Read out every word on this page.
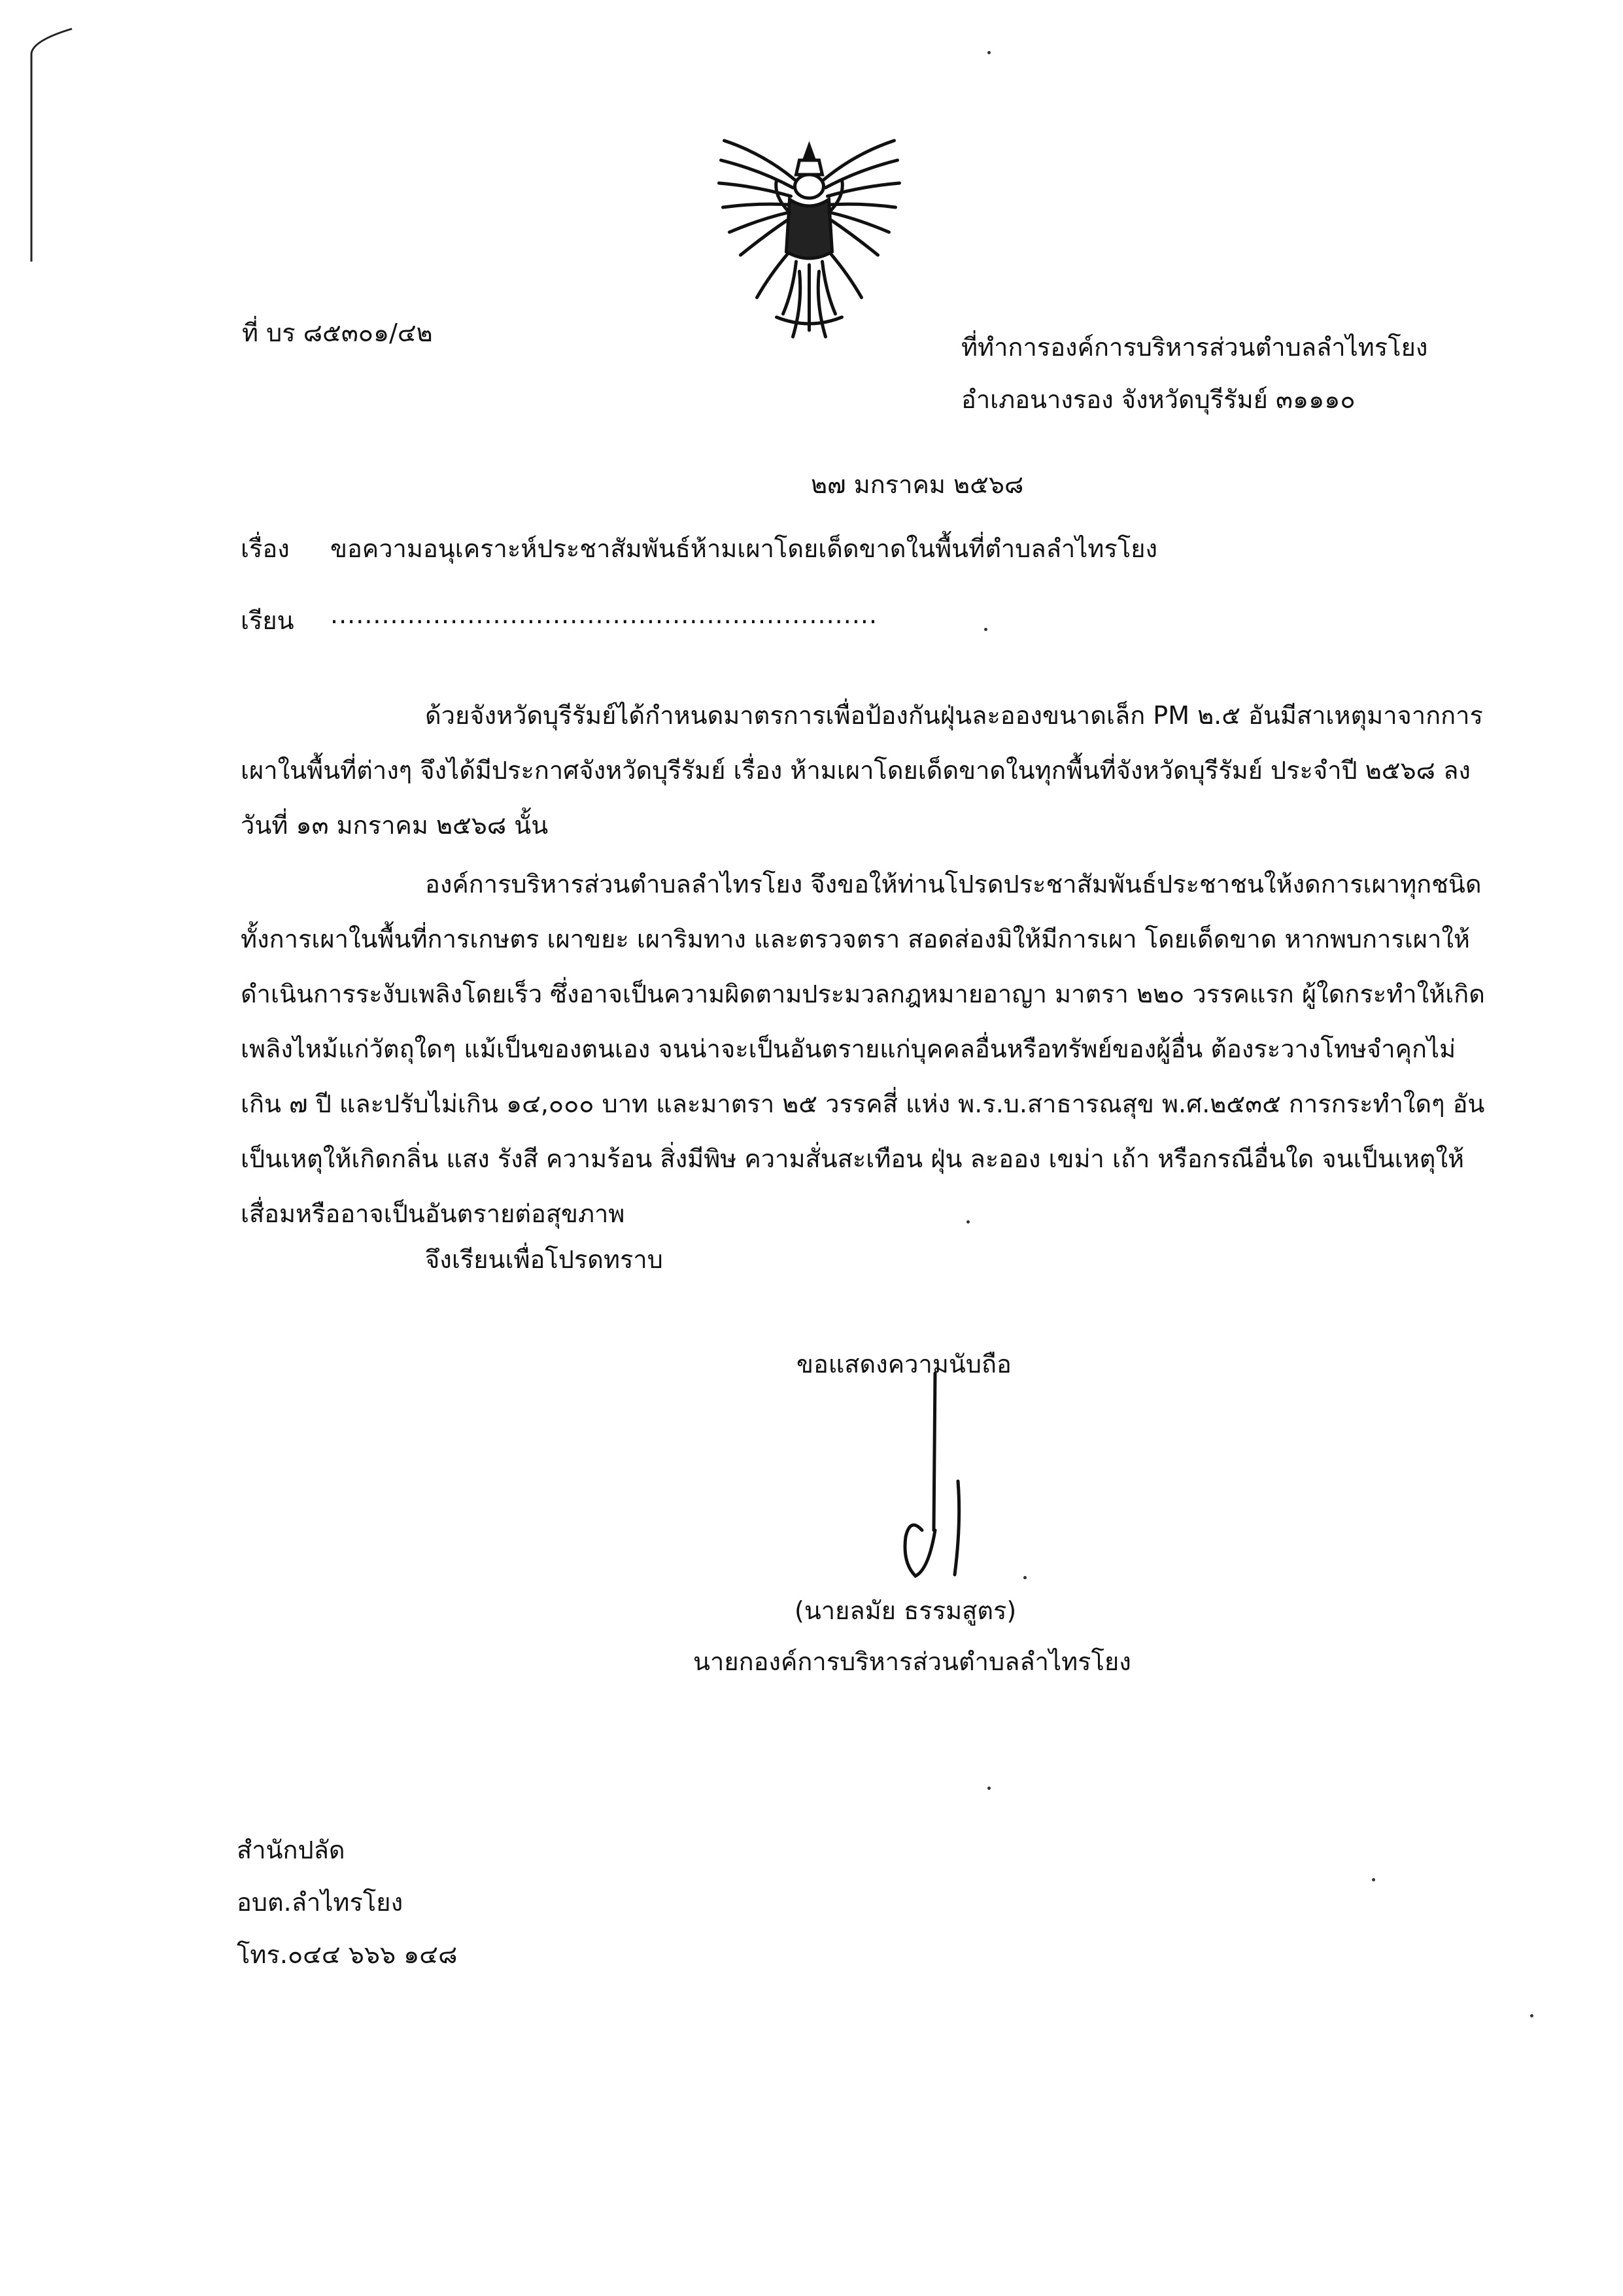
ที่ บร ๘๕๓๐๑/๔๒	ที่ทำการองค์การบริหารส่วนตำบลลำไทรโยง
อำเภอนางรอง จังหวัดบุรีรัมย์ ๓๑๑๑๐
๒๗ มกราคม ๒๕๖๘
เรื่อง ขอความอนุเคราะห์ประชาสัมพันธ์ห้ามเผาโดยเด็ดขาดในพื้นที่ตำบลลำไทรโยง
เรียน ................................................................

ด้วยจังหวัดบุรีรัมย์ได้กำหนดมาตรการเพื่อป้องกันฝุ่นละอองขนาดเล็ก PM ๒.๕ อันมีสาเหตุมาจากการเผาในพื้นที่ต่างๆ จึงได้มีประกาศจังหวัดบุรีรัมย์ เรื่อง ห้ามเผาโดยเด็ดขาดในทุกพื้นที่จังหวัดบุรีรัมย์ ประจำปี ๒๕๖๘ ลงวันที่ ๑๓ มกราคม ๒๕๖๘ นั้น

องค์การบริหารส่วนตำบลลำไทรโยง จึงขอให้ท่านโปรดประชาสัมพันธ์ประชาชนให้งดการเผาทุกชนิด ทั้งการเผาในพื้นที่การเกษตร เผาขยะ เผาริมทาง และตรวจตรา สอดส่องมิให้มีการเผา โดยเด็ดขาด หากพบการเผาให้ดำเนินการระงับเพลิงโดยเร็ว ซึ่งอาจเป็นความผิดตามประมวลกฎหมายอาญา มาตรา ๒๒๐ วรรคแรก ผู้ใดกระทำให้เกิดเพลิงไหม้แก่วัตถุใดๆ แม้เป็นของตนเอง จนน่าจะเป็นอันตรายแก่บุคคลอื่นหรือทรัพย์ของผู้อื่น ต้องระวางโทษจำคุกไม่เกิน ๗ ปี และปรับไม่เกิน ๑๔,๐๐๐ บาท และมาตรา ๒๕ วรรคสี่ แห่ง พ.ร.บ.สาธารณสุข พ.ศ.๒๕๓๕ การกระทำใดๆ อันเป็นเหตุให้เกิดกลิ่น แสง รังสี ความร้อน สิ่งมีพิษ ความสั่นสะเทือน ฝุ่น ละออง เขม่า เถ้า หรือกรณีอื่นใด จนเป็นเหตุให้เสื่อมหรืออาจเป็นอันตรายต่อสุขภาพ

จึงเรียนเพื่อโปรดทราบ
ขอแสดงความนับถือ
(นายลมัย ธรรมสูตร)
นายกองค์การบริหารส่วนตำบลลำไทรโยง
สำนักปลัด
อบต.ลำไทรโยง
โทร.๐๔๔ ๖๖๖ ๑๔๘
